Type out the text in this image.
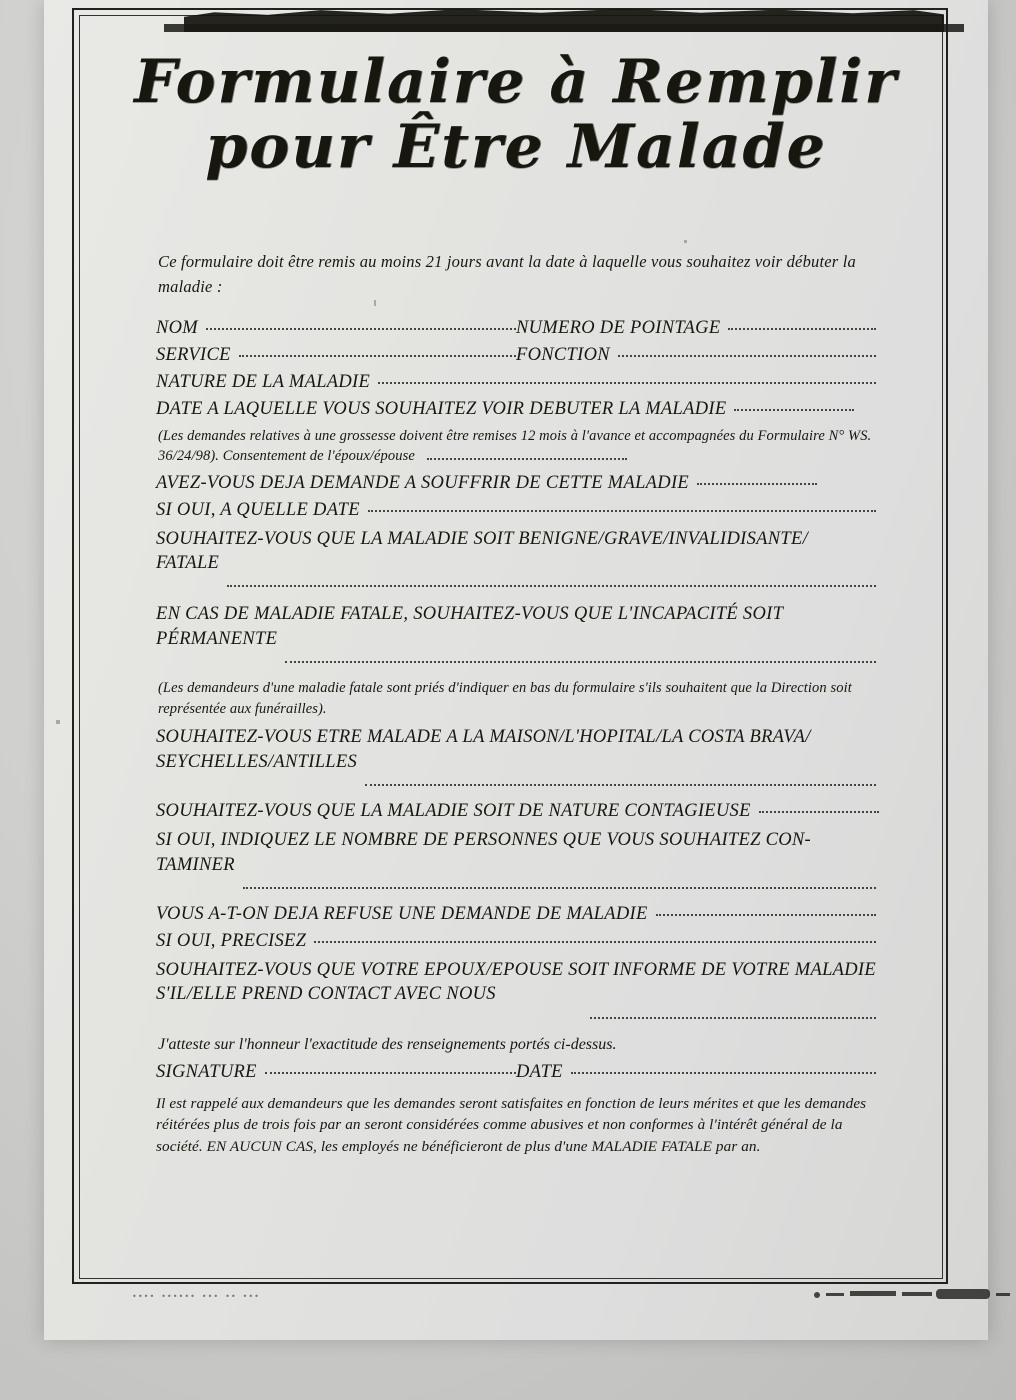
Formulaire à Remplir
pour Être Malade

Ce formulaire doit être remis au moins 21 jours avant la date à laquelle vous souhaitez voir débuter la maladie :

NOM	NUMERO DE POINTAGE
SERVICE	FONCTION
NATURE DE LA MALADIE
DATE A LAQUELLE VOUS SOUHAITEZ VOIR DEBUTER LA MALADIE
(Les demandes relatives à une grossesse doivent être remises 12 mois à l'avance et accompagnées du Formulaire N° WS. 36/24/98). Consentement de l'époux/épouse
AVEZ-VOUS DEJA DEMANDE A SOUFFRIR DE CETTE MALADIE
SI OUI, A QUELLE DATE
SOUHAITEZ-VOUS QUE LA MALADIE SOIT BENIGNE/GRAVE/INVALIDISANTE/ FATALE
EN CAS DE MALADIE FATALE, SOUHAITEZ-VOUS QUE L'INCAPACITÉ SOIT PÉRMANENTE
(Les demandeurs d'une maladie fatale sont priés d'indiquer en bas du formulaire s'ils souhaitent que la Direction soit représentée aux funérailles).
SOUHAITEZ-VOUS ETRE MALADE A LA MAISON/L'HOPITAL/LA COSTA BRAVA/ SEYCHELLES/ANTILLES
SOUHAITEZ-VOUS QUE LA MALADIE SOIT DE NATURE CONTAGIEUSE
SI OUI, INDIQUEZ LE NOMBRE DE PERSONNES QUE VOUS SOUHAITEZ CON- TAMINER
VOUS A-T-ON DEJA REFUSE UNE DEMANDE DE MALADIE
SI OUI, PRECISEZ
SOUHAITEZ-VOUS QUE VOTRE EPOUX/EPOUSE SOIT INFORME DE VOTRE MALADIE S'IL/ELLE PREND CONTACT AVEC NOUS
J'atteste sur l'honneur l'exactitude des renseignements portés ci-dessus.
SIGNATURE	DATE
Il est rappelé aux demandeurs que les demandes seront satisfaites en fonction de leurs mérites et que les demandes réitérées plus de trois fois par an seront considérées comme abusives et non conformes à l'intérêt général de la société. EN AUCUN CAS, les employés ne bénéficieront de plus d'une MALADIE FATALE par an.
•••• •••••• ••• •• •••
